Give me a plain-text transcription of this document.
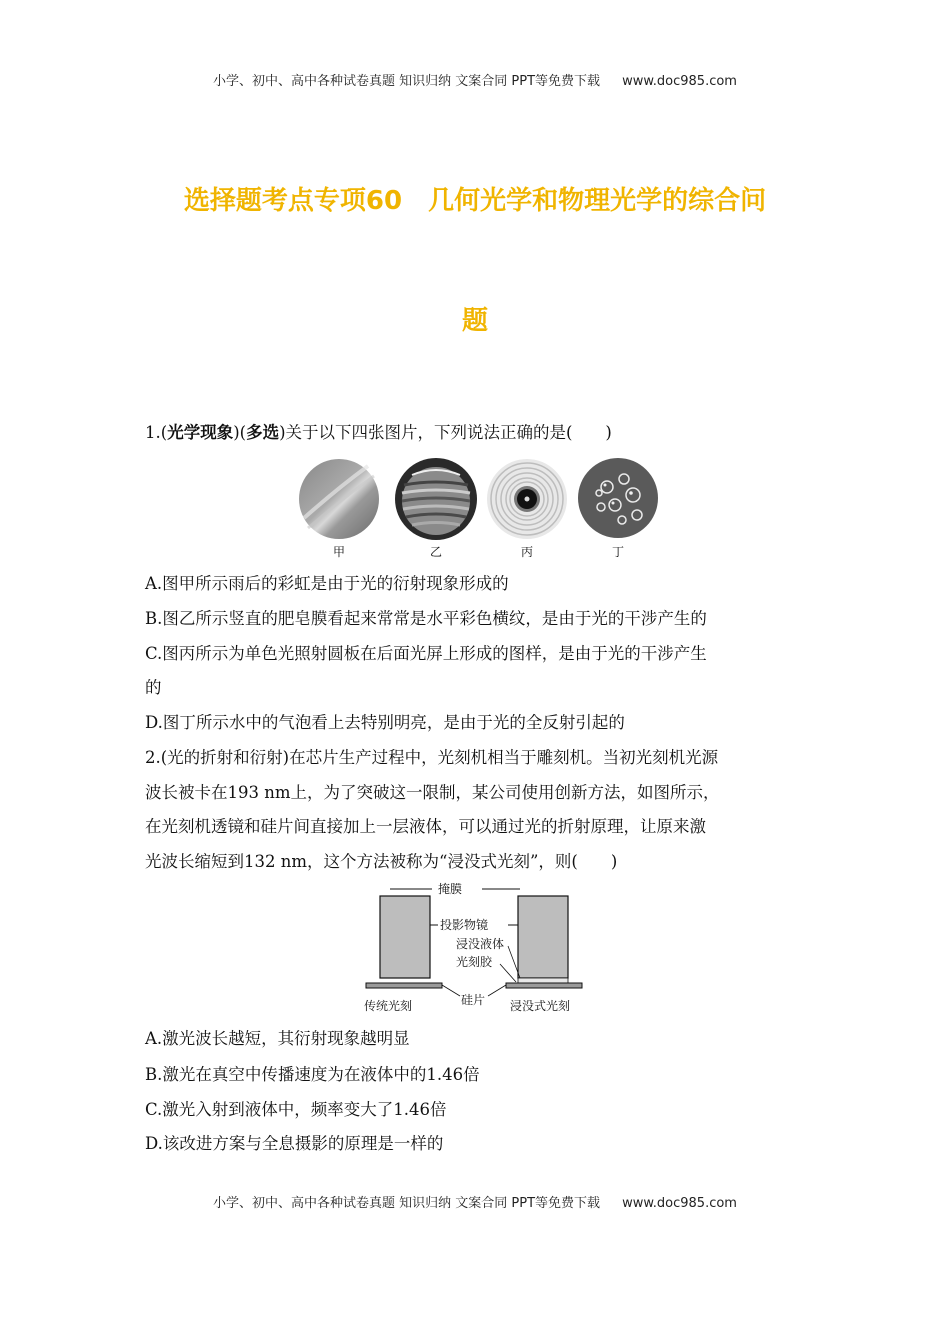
小学、初中、高中各种试卷真题 知识归纳 文案合同 PPT等免费下载 www.doc985.com
选择题考点专项60　几何光学和物理光学的综合问
题
1.(光学现象)(多选)关于以下四张图片，下列说法正确的是(　　)
甲	乙	丙	丁
A.图甲所示雨后的彩虹是由于光的衍射现象形成的
B.图乙所示竖直的肥皂膜看起来常常是水平彩色横纹，是由于光的干涉产生的
C.图丙所示为单色光照射圆板在后面光屏上形成的图样，是由于光的干涉产生
的
D.图丁所示水中的气泡看上去特别明亮，是由于光的全反射引起的
2.(光的折射和衍射)在芯片生产过程中，光刻机相当于雕刻机。当初光刻机光源
波长被卡在193 nm上，为了突破这一限制，某公司使用创新方法，如图所示，
在光刻机透镜和硅片间直接加上一层液体，可以通过光的折射原理，让原来激
光波长缩短到132 nm，这个方法被称为“浸没式光刻”，则(　　)
掩膜
投影物镜
浸没液体
光刻胶
硅片
传统光刻	浸没式光刻
A.激光波长越短，其衍射现象越明显
B.激光在真空中传播速度为在液体中的1.46倍
C.激光入射到液体中，频率变大了1.46倍
D.该改进方案与全息摄影的原理是一样的
小学、初中、高中各种试卷真题 知识归纳 文案合同 PPT等免费下载 www.doc985.com
